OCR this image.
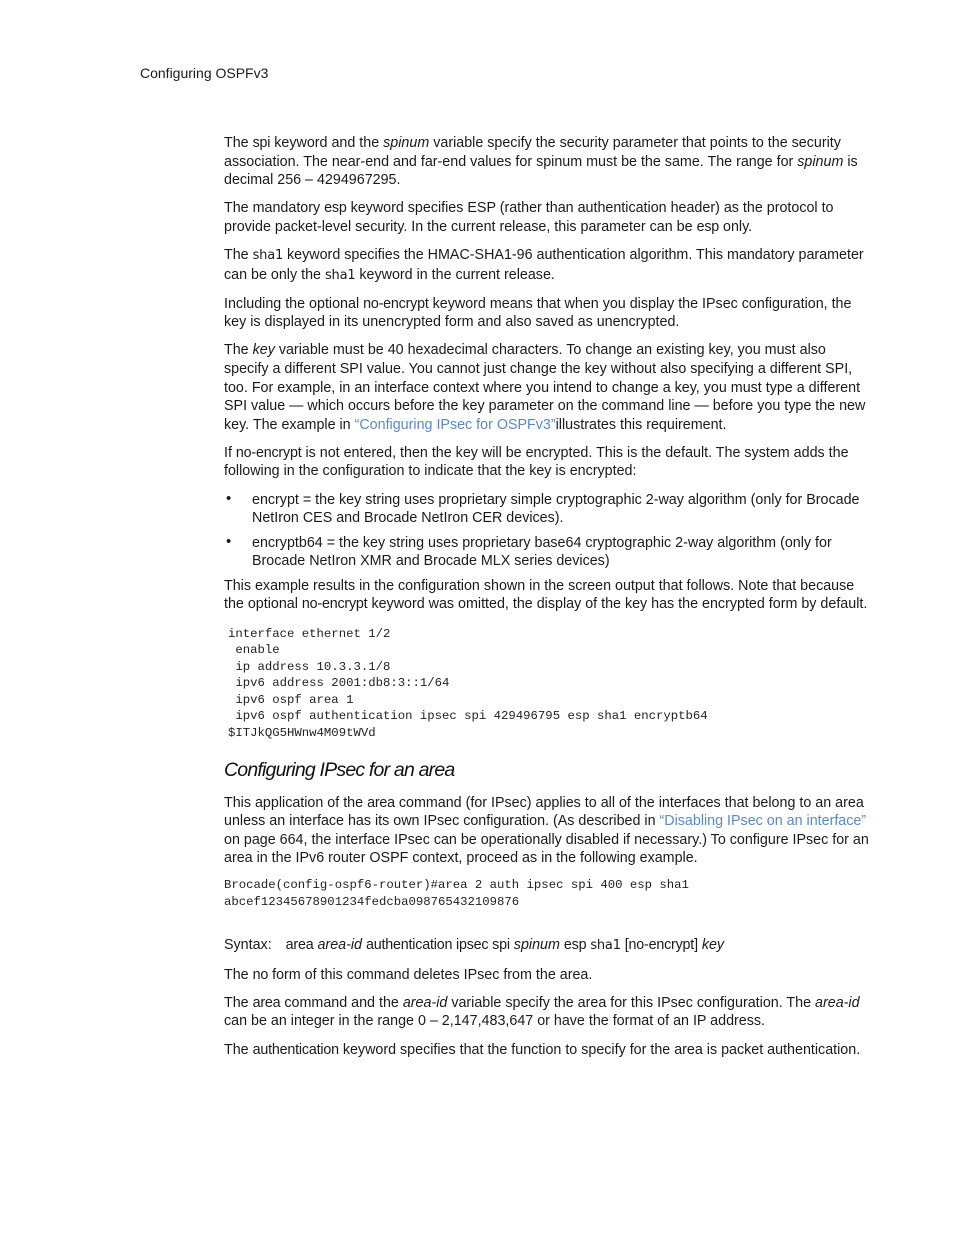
Configuring OSPFv3

The spi keyword and the spinum variable specify the security parameter that points to the security association. The near-end and far-end values for spinum must be the same. The range for spinum is decimal 256 – 4294967295.

The mandatory esp keyword specifies ESP (rather than authentication header) as the protocol to provide packet-level security. In the current release, this parameter can be esp only.

The sha1 keyword specifies the HMAC-SHA1-96 authentication algorithm. This mandatory parameter can be only the sha1 keyword in the current release.

Including the optional no-encrypt keyword means that when you display the IPsec configuration, the key is displayed in its unencrypted form and also saved as unencrypted.

The key variable must be 40 hexadecimal characters. To change an existing key, you must also specify a different SPI value. You cannot just change the key without also specifying a different SPI, too. For example, in an interface context where you intend to change a key, you must type a different SPI value — which occurs before the key parameter on the command line — before you type the new key. The example in “Configuring IPsec for OSPFv3”illustrates this requirement.

If no-encrypt is not entered, then the key will be encrypted. This is the default. The system adds the following in the configuration to indicate that the key is encrypted:

• encrypt = the key string uses proprietary simple cryptographic 2-way algorithm (only for Brocade NetIron CES and Brocade NetIron CER devices).
• encryptb64 = the key string uses proprietary base64 cryptographic 2-way algorithm (only for Brocade NetIron XMR and Brocade MLX series devices)

This example results in the configuration shown in the screen output that follows. Note that because the optional no-encrypt keyword was omitted, the display of the key has the encrypted form by default.

interface ethernet 1/2
enable
ip address 10.3.3.1/8
ipv6 address 2001:db8:3::1/64
ipv6 ospf area 1
ipv6 ospf authentication ipsec spi 429496795 esp sha1 encryptb64
$ITJkQG5HWnw4M09tWVd
Configuring IPsec for an area

This application of the area command (for IPsec) applies to all of the interfaces that belong to an area unless an interface has its own IPsec configuration. (As described in “Disabling IPsec on an interface” on page 664, the interface IPsec can be operationally disabled if necessary.) To configure IPsec for an area in the IPv6 router OSPF context, proceed as in the following example.

Brocade(config-ospf6-router)#area 2 auth ipsec spi 400 esp sha1
abcef12345678901234fedcba098765432109876

Syntax: area area-id authentication ipsec spi spinum esp sha1 [no-encrypt] key

The no form of this command deletes IPsec from the area.

The area command and the area-id variable specify the area for this IPsec configuration. The area-id can be an integer in the range 0 – 2,147,483,647 or have the format of an IP address.

The authentication keyword specifies that the function to specify for the area is packet authentication.
